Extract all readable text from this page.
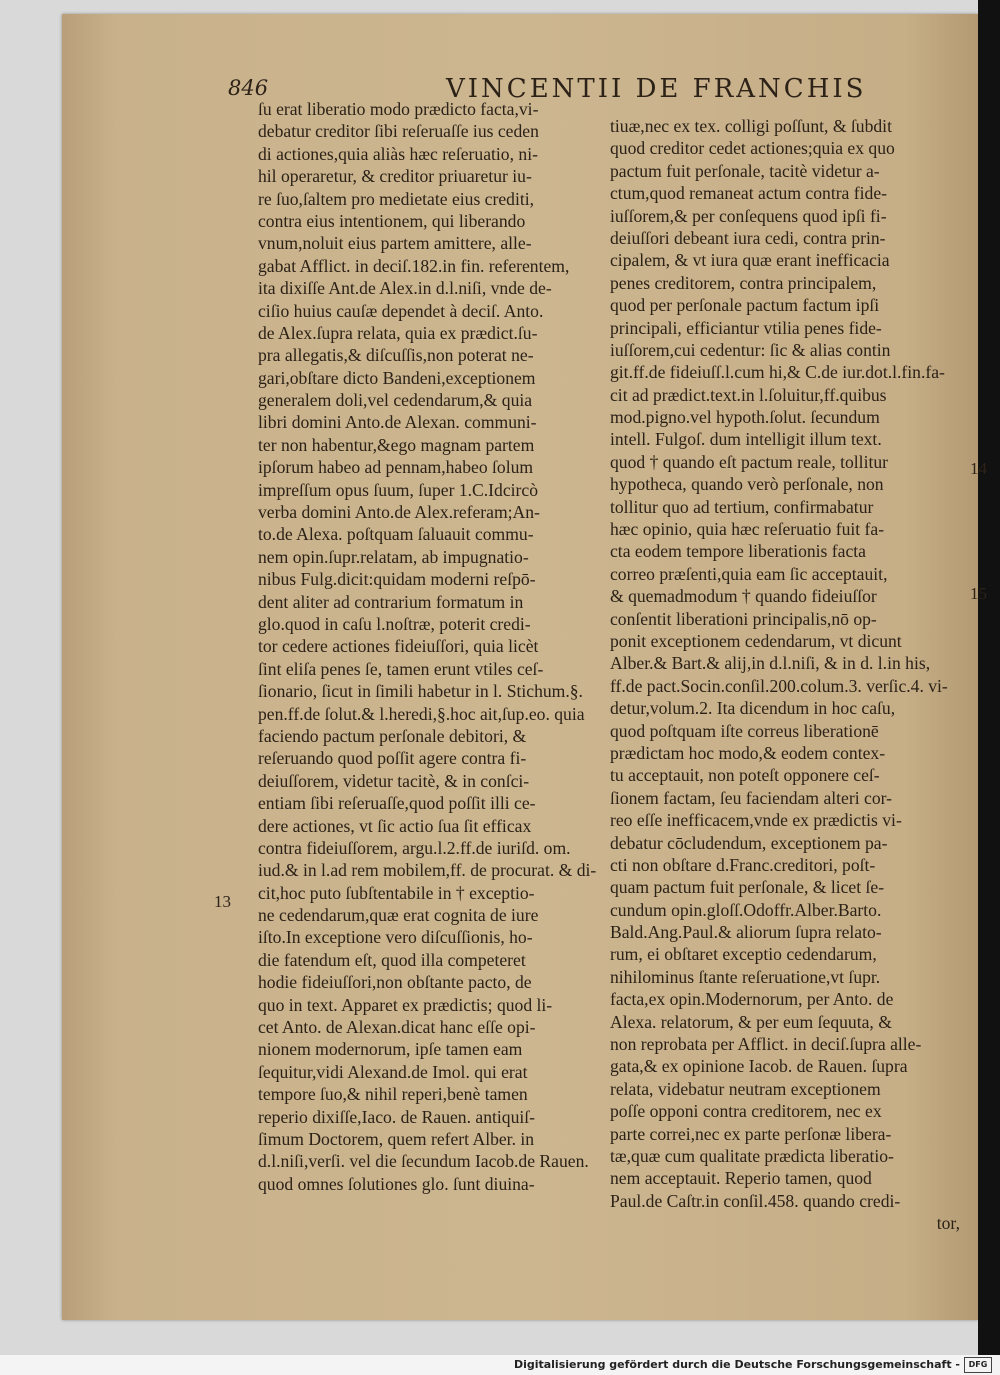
846	VINCENTII DE FRANCHIS
ſu erat liberatio modo prædicto facta,vi-
debatur creditor ſibi reſeruaſſe ius ceden
di actiones,quia aliàs hæc reſeruatio, ni-
hil operaretur, & creditor priuaretur iu-
re ſuo,ſaltem pro medietate eius crediti,
contra eius intentionem, qui liberando
vnum,noluit eius partem amittere, alle-
gabat Afflict. in deciſ.182.in fin. referentem,
ita dixiſſe Ant.de Alex.in d.l.niſi, vnde de-
ciſio huius cauſæ dependet à deciſ. Anto.
de Alex.ſupra relata, quia ex prædict.ſu-
pra allegatis,& diſcuſſis,non poterat ne-
gari,obſtare dicto Bandeni,exceptionem
generalem doli,vel cedendarum,& quia
libri domini Anto.de Alexan. communi-
ter non habentur,&ego magnam partem
ipſorum habeo ad pennam,habeo ſolum
impreſſum opus ſuum, ſuper 1.C.Idcircò
verba domini Anto.de Alex.referam;An-
to.de Alexa. poſtquam ſaluauit commu-
nem opin.ſupr.relatam, ab impugnatio-
nibus Fulg.dicit:quidam moderni reſpō-
dent aliter ad contrarium formatum in
glo.quod in caſu l.noſtræ, poterit credi-
tor cedere actiones fideiuſſori, quia licèt
ſint eliſa penes ſe, tamen erunt vtiles ceſ-
ſionario, ſicut in ſimili habetur in l. Stichum.§.
pen.ff.de ſolut.& l.heredi,§.hoc ait,ſup.eo. quia
faciendo pactum perſonale debitori, &
reſeruando quod poſſit agere contra fi-
deiuſſorem, videtur tacitè, & in conſci-
entiam ſibi reſeruaſſe,quod poſſit illi ce-
dere actiones, vt ſic actio ſua ſit efficax
contra fideiuſſorem, argu.l.2.ff.de iuriſd. om.
iud.& in l.ad rem mobilem,ff. de procurat. & di-
cit,hoc puto ſubſtentabile in † exceptio-
ne cedendarum,quæ erat cognita de iure
iſto.In exceptione vero diſcuſſionis, ho-
die fatendum eſt, quod illa competeret
hodie fideiuſſori,non obſtante pacto, de
quo in text. Apparet ex prædictis; quod li-
cet Anto. de Alexan.dicat hanc eſſe opi-
nionem modernorum, ipſe tamen eam
ſequitur,vidi Alexand.de Imol. qui erat
tempore ſuo,& nihil reperi,benè tamen
reperio dixiſſe,Iaco. de Rauen. antiquiſ-
ſimum Doctorem, quem refert Alber. in
d.l.niſi,verſi. vel die ſecundum Iacob.de Rauen.
quod omnes ſolutiones glo. ſunt diuina-
tiuæ,nec ex tex. colligi poſſunt, & ſubdit
quod creditor cedet actiones;quia ex quo
pactum fuit perſonale, tacitè videtur a-
ctum,quod remaneat actum contra fide-
iuſſorem,& per conſequens quod ipſi fi-
deiuſſori debeant iura cedi, contra prin-
cipalem, & vt iura quæ erant inefficacia
penes creditorem, contra principalem,
quod per perſonale pactum factum ipſi
principali, efficiantur vtilia penes fide-
iuſſorem,cui cedentur: ſic & alias contin
git.ff.de fideiuſſ.l.cum hi,& C.de iur.dot.l.fin.fa-
cit ad prædict.text.in l.ſoluitur,ff.quibus
mod.pigno.vel hypoth.ſolut. ſecundum
intell. Fulgoſ. dum intelligit illum text.
quod † quando eſt pactum reale, tollitur
hypotheca, quando verò perſonale, non
tollitur quo ad tertium, confirmabatur
hæc opinio, quia hæc reſeruatio fuit fa-
cta eodem tempore liberationis facta
correo præſenti,quia eam ſic acceptauit,
& quemadmodum † quando fideiuſſor
conſentit liberationi principalis,nō op-
ponit exceptionem cedendarum, vt dicunt
Alber.& Bart.& alij,in d.l.niſi, & in d. l.in his,
ff.de pact.Socin.conſil.200.colum.3. verſic.4. vi-
detur,volum.2. Ita dicendum in hoc caſu,
quod poſtquam iſte correus liberationē
prædictam hoc modo,& eodem contex-
tu acceptauit, non poteſt opponere ceſ-
ſionem factam, ſeu faciendam alteri cor-
reo eſſe inefficacem,vnde ex prædictis vi-
debatur cōcludendum, exceptionem pa-
cti non obſtare d.Franc.creditori, poſt-
quam pactum fuit perſonale, & licet ſe-
cundum opin.gloſſ.Odoffr.Alber.Barto.
Bald.Ang.Paul.& aliorum ſupra relato-
rum, ei obſtaret exceptio cedendarum,
nihilominus ſtante reſeruatione,vt ſupr.
facta,ex opin.Modernorum, per Anto. de
Alexa. relatorum, & per eum ſequuta, &
non reprobata per Afflict. in deciſ.ſupra alle-
gata,& ex opinione Iacob. de Rauen. ſupra
relata, videbatur neutram exceptionem
poſſe opponi contra creditorem, nec ex
parte correi,nec ex parte perſonæ libera-
tæ,quæ cum qualitate prædicta liberatio-
nem acceptauit. Reperio tamen, quod
Paul.de Caſtr.in conſil.458. quando credi-
tor,
13
14
15
Digitalisierung gefördert durch die Deutsche Forschungsgemeinschaft -	DFG
